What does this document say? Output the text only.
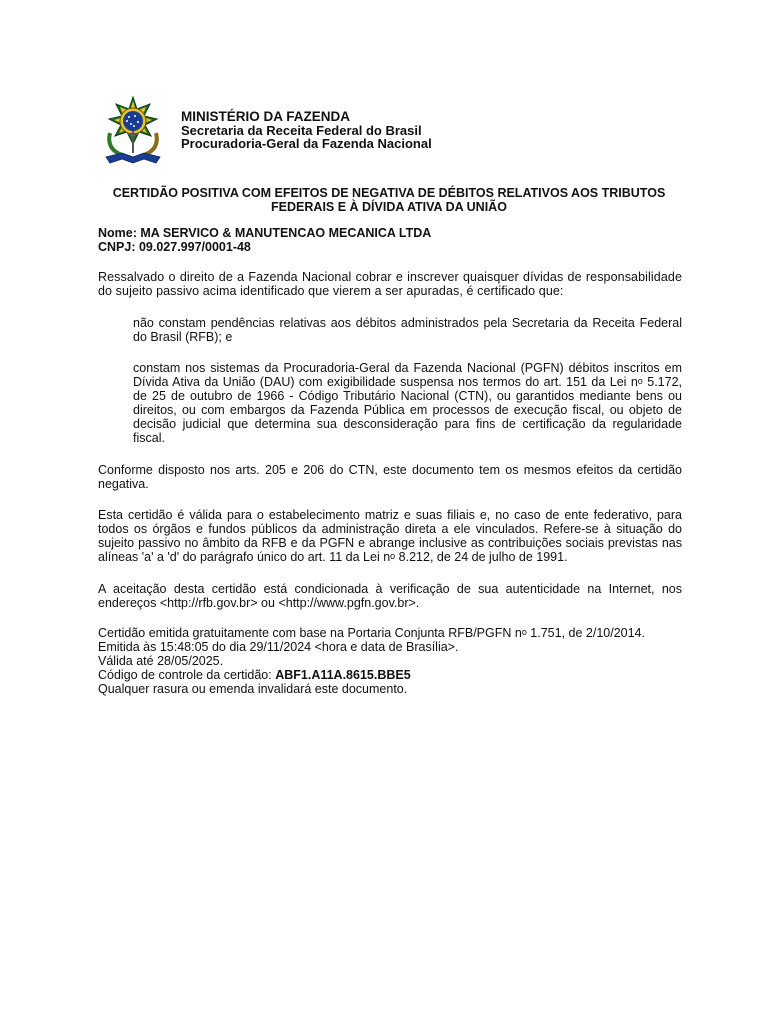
MINISTÉRIO DA FAZENDA
Secretaria da Receita Federal do Brasil
Procuradoria-Geral da Fazenda Nacional
CERTIDÃO POSITIVA COM EFEITOS DE NEGATIVA DE DÉBITOS RELATIVOS AOS TRIBUTOS
FEDERAIS E À DÍVIDA ATIVA DA UNIÃO
Nome: MA SERVICO & MANUTENCAO MECANICA LTDA
CNPJ: 09.027.997/0001-48
Ressalvado o direito de a Fazenda Nacional cobrar e inscrever quaisquer dívidas de responsabilidade do sujeito passivo acima identificado que vierem a ser apuradas, é certificado que:
não constam pendências relativas aos débitos administrados pela Secretaria da Receita Federal do Brasil (RFB); e
constam nos sistemas da Procuradoria-Geral da Fazenda Nacional (PGFN) débitos inscritos em Dívida Ativa da União (DAU) com exigibilidade suspensa nos termos do art. 151 da Lei $n^o$ 5.172, de 25 de outubro de 1966 - Código Tributário Nacional (CTN), ou garantidos mediante bens ou direitos, ou com embargos da Fazenda Pública em processos de execução fiscal, ou objeto de decisão judicial que determina sua desconsideração para fins de certificação da regularidade fiscal.
Conforme disposto nos arts. 205 e 206 do CTN, este documento tem os mesmos efeitos da certidão negativa.
Esta certidão é válida para o estabelecimento matriz e suas filiais e, no caso de ente federativo, para todos os órgãos e fundos públicos da administração direta a ele vinculados. Refere-se à situação do sujeito passivo no âmbito da RFB e da PGFN e abrange inclusive as contribuições sociais previstas nas alíneas 'a' a 'd' do parágrafo único do art. 11 da Lei $n^o$ 8.212, de 24 de julho de 1991.
A aceitação desta certidão está condicionada à verificação de sua autenticidade na Internet, nos endereços <http://rfb.gov.br> ou <http://www.pgfn.gov.br>.
Certidão emitida gratuitamente com base na Portaria Conjunta RFB/PGFN $n^o$ 1.751, de 2/10/2014.
Emitida às 15:48:05 do dia 29/11/2024 <hora e data de Brasília>.
Válida até 28/05/2025.
Código de controle da certidão: ABF1.A11A.8615.BBE5
Qualquer rasura ou emenda invalidará este documento.
